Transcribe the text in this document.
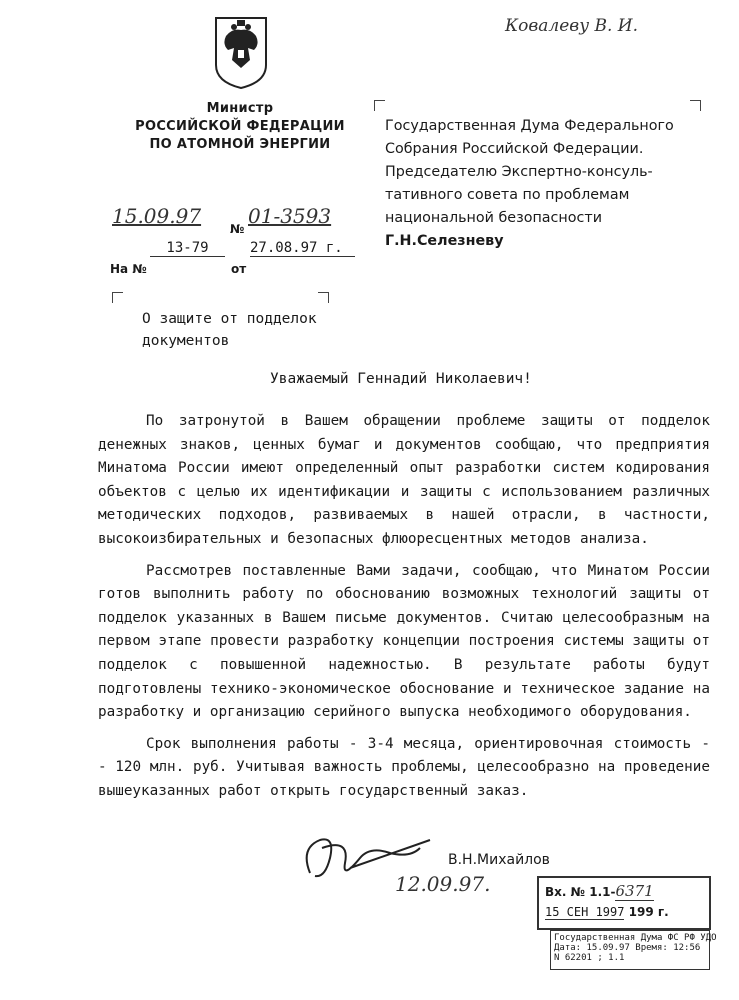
Министр
РОССИЙСКОЙ ФЕДЕРАЦИИ
ПО АТОМНОЙ ЭНЕРГИИ
Ковалеву В. И.
Государственная Дума Федерального
Собрания Российской Федерации.
Председателю Экспертно-консуль-
тативного совета по проблемам
национальной безопасности
Г.Н.Селезневу
15.09.97
№
01-3593
На №
13-79
от
27.08.97 г.
О защите от подделок
документов
Уважаемый Геннадий Николаевич!

По затронутой в Вашем обращении проблеме защиты от подделок денежных знаков, ценных бумаг и документов сообщаю, что предприятия Минатома России имеют определенный опыт разработки систем кодирования объектов с целью их идентификации и защиты с использованием различных методических подходов, развиваемых в нашей отрасли, в частности, высокоизбирательных и безопасных флюоресцентных методов анализа.

Рассмотрев поставленные Вами задачи, сообщаю, что Минатом России готов выполнить работу по обоснованию возможных технологий защиты от подделок указанных в Вашем письме документов. Считаю целесообразным на первом этапе провести разработку концепции построения системы защиты от подделок с повышенной надежностью. В результате работы будут подготовлены технико-экономическое обоснование и техническое задание на разработку и организацию серийного выпуска необходимого оборудования.

Срок выполнения работы - 3-4 месяца, ориентировочная стоимость - - 120 млн. руб. Учитывая важность проблемы, целесообразно на проведение вышеуказанных работ открыть государственный заказ.

В.Н.Михайлов
12.09.97.	Вх. № 1.1-6371
15 СЕН 1997 199 г.
Государственная Дума ФС РФ УДО
Дата: 15.09.97 Время: 12:56
N 62201 ; 1.1
